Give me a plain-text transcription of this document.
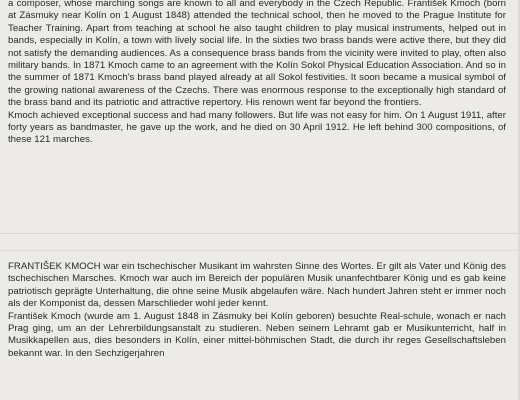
a composer, whose marching songs are known to all and everybody in the Czech Republic. František Kmoch (born at Zásmuky near Kolín on 1 August 1848) attended the technical school, then he moved to the Prague Institute for Teacher Training. Apart from teaching at school he also taught children to play musical instruments, helped out in bands, especially in Kolín, a town with lively social life. In the sixties two brass bands were active there, but they did not satisfy the demanding audiences. As a consequence brass bands from the vicinity were invited to play, often also military bands. In 1871 Kmoch came to an agreement with the Kolín Sokol Physical Education Association. And so in the summer of 1871 Kmoch's brass band played already at all Sokol festivities. It soon became a musical symbol of the growing national awareness of the Czechs. There was enormous response to the exceptionally high standard of the brass band and its patriotic and attractive repertory. His renown went far beyond the frontiers.

Kmoch achieved exceptional success and had many followers. But life was not easy for him. On 1 August 1911, after forty years as bandmaster, he gave up the work, and he died on 30 April 1912. He left behind 300 compositions, of these 121 marches.

FRANTIŠEK KMOCH war ein tschechischer Musikant im wahrsten Sinne des Wortes. Er gilt als Vater und König des tschechischen Marsches. Kmoch war auch im Bereich der populären Musik unanfechtbarer König und es gab keine patriotisch geprägte Unterhaltung, die ohne seine Musik abgelaufen wäre. Nach hundert Jahren steht er immer noch als der Komponist da, dessen Marschlieder wohl jeder kennt.

František Kmoch (wurde am 1. August 1848 in Zásmuky bei Kolín geboren) besuchte Real-schule, wonach er nach Prag ging, um an der Lehrerbildungsanstalt zu studieren. Neben seinem Lehramt gab er Musikunterricht, half in Musikkapellen aus, dies besonders in Kolín, einer mittel-böhmischen Stadt, die durch ihr reges Gesellschaftsleben bekannt war. In den Sechzigerjahren
